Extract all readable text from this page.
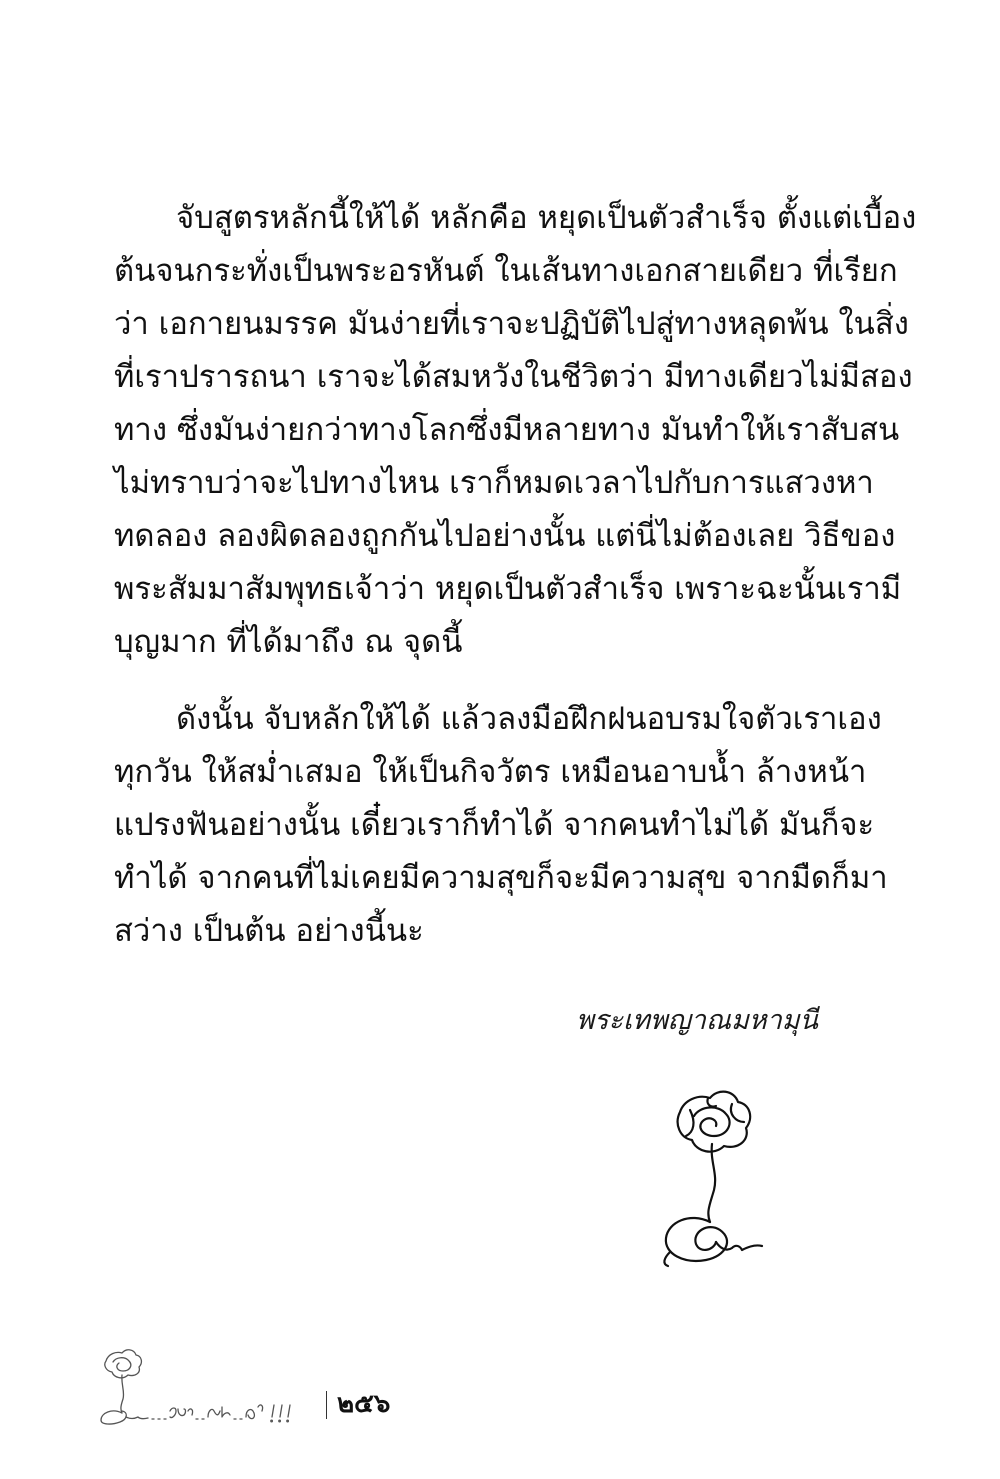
จับสูตรหลักนี้ให้ได้ หลักคือ หยุดเป็นตัวสำเร็จ ตั้งแต่เบื้อง
ต้นจนกระทั่งเป็นพระอรหันต์ ในเส้นทางเอกสายเดียว ที่เรียก
ว่า เอกายนมรรค มันง่ายที่เราจะปฏิบัติไปสู่ทางหลุดพ้น ในสิ่ง
ที่เราปรารถนา เราจะได้สมหวังในชีวิตว่า มีทางเดียวไม่มีสอง
ทาง ซึ่งมันง่ายกว่าทางโลกซึ่งมีหลายทาง มันทำให้เราสับสน
ไม่ทราบว่าจะไปทางไหน เราก็หมดเวลาไปกับการแสวงหา
ทดลอง ลองผิดลองถูกกันไปอย่างนั้น แต่นี่ไม่ต้องเลย วิธีของ
พระสัมมาสัมพุทธเจ้าว่า หยุดเป็นตัวสำเร็จ เพราะฉะนั้นเรามี
บุญมาก ที่ได้มาถึง ณ จุดนี้
ดังนั้น จับหลักให้ได้ แล้วลงมือฝึกฝนอบรมใจตัวเราเอง
ทุกวัน ให้สม่ำเสมอ ให้เป็นกิจวัตร เหมือนอาบน้ำ ล้างหน้า
แปรงฟันอย่างนั้น เดี๋ยวเราก็ทำได้ จากคนทำไม่ได้ มันก็จะ
ทำได้ จากคนที่ไม่เคยมีความสุขก็จะมีความสุข จากมืดก็มา
สว่าง เป็นต้น อย่างนี้นะ
พระเทพญาณมหามุนี
๒๕๖
